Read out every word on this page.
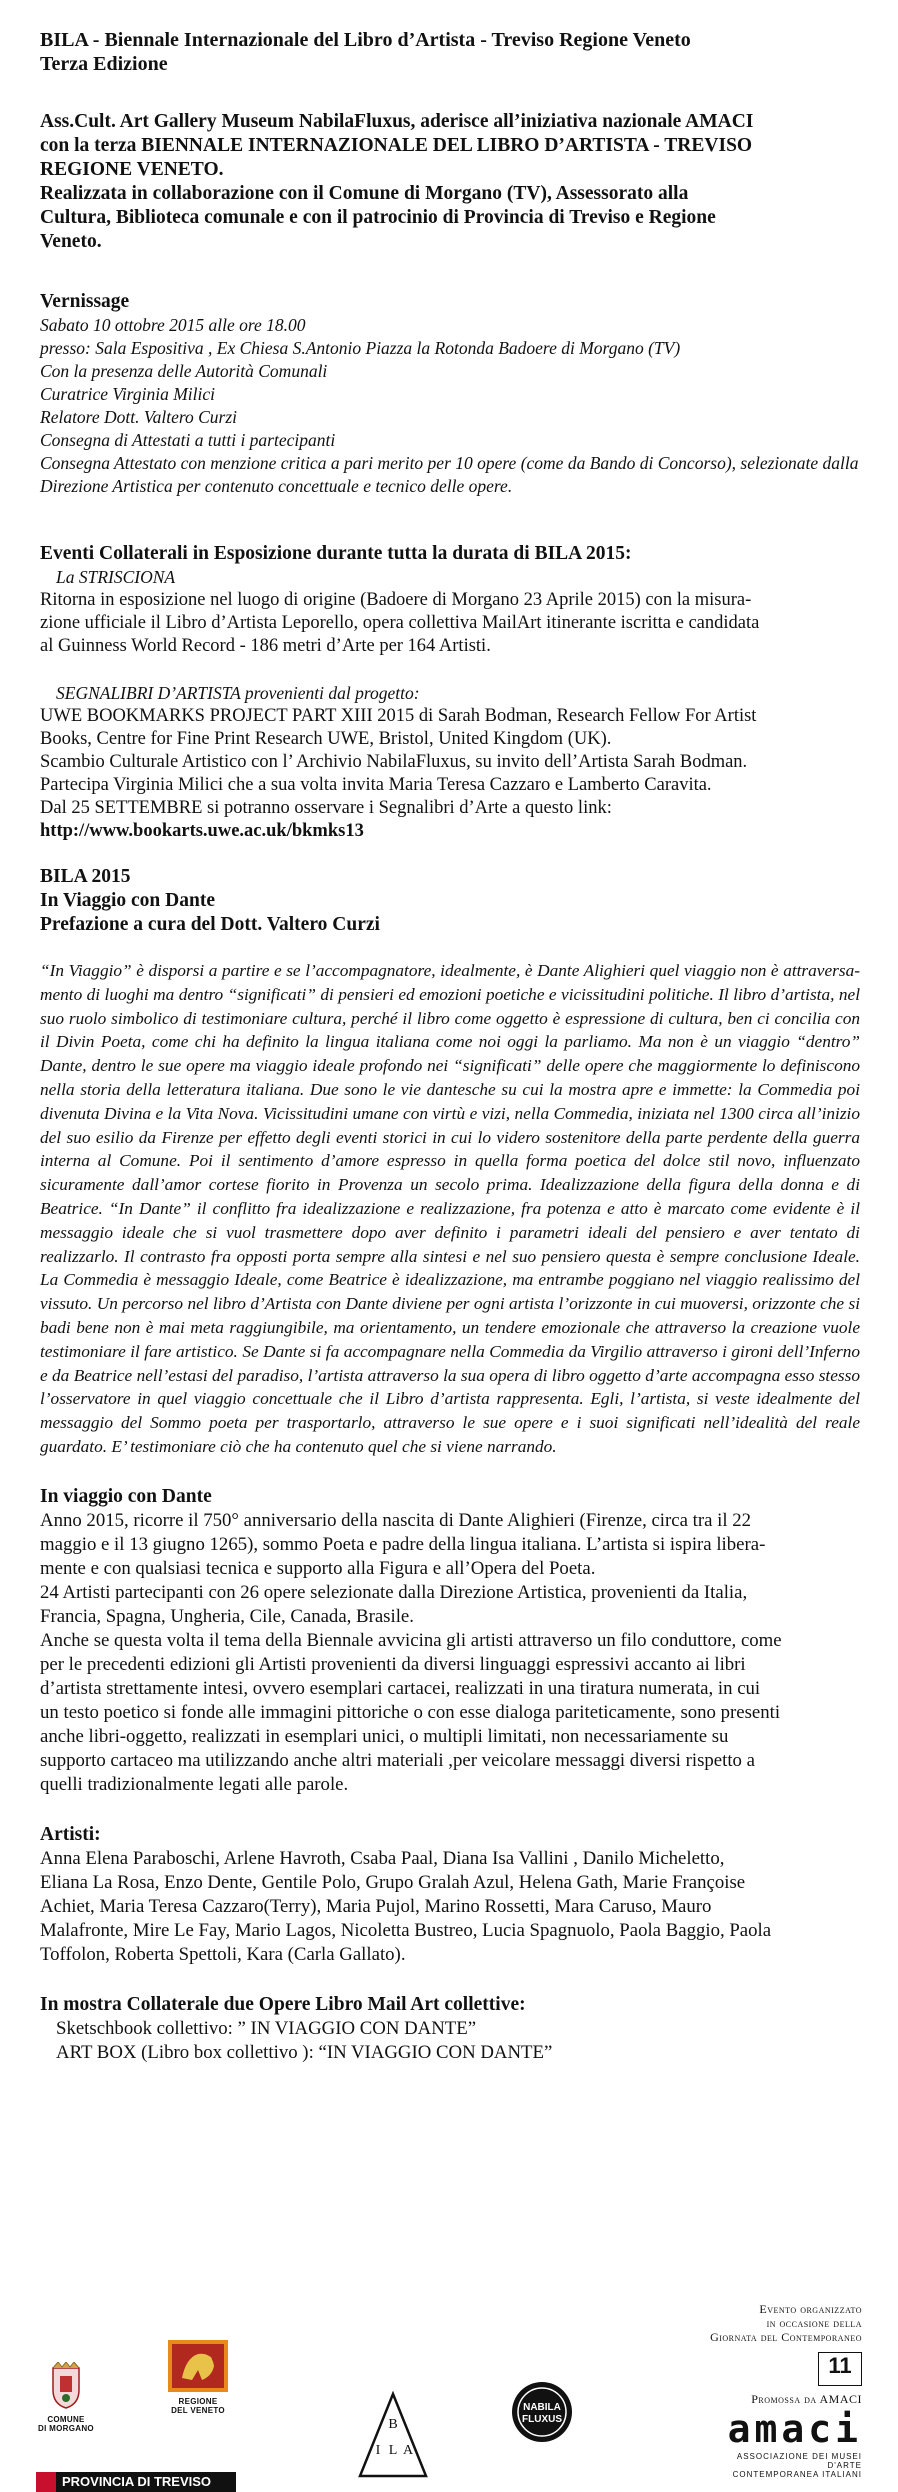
BILA - Biennale Internazionale del Libro d’Artista - Treviso Regione Veneto

Terza Edizione

Ass.Cult. Art Gallery Museum NabilaFluxus, aderisce all’iniziativa nazionale AMACI

con la terza BIENNALE INTERNAZIONALE DEL LIBRO D’ARTISTA - TREVISO

REGIONE VENETO.

Realizzata in collaborazione con il Comune di Morgano (TV), Assessorato alla

Cultura, Biblioteca comunale e con il patrocinio di Provincia di Treviso e Regione

Veneto.

Vernissage

Sabato 10 ottobre 2015 alle ore 18.00

presso: Sala Espositiva , Ex Chiesa S.Antonio Piazza la Rotonda Badoere di Morgano (TV)

Con la presenza delle Autorità Comunali

Curatrice Virginia Milici

Relatore Dott. Valtero Curzi

Consegna di Attestati a tutti i partecipanti

Consegna Attestato con menzione critica a pari merito per 10 opere (come da Bando di Concorso), selezionate dalla

Direzione Artistica per contenuto concettuale e tecnico delle opere.

Eventi Collaterali in Esposizione durante tutta la durata di BILA 2015:

La STRISCIONA

Ritorna in esposizione nel luogo di origine (Badoere di Morgano 23 Aprile 2015) con la misura-

zione ufficiale il Libro d’Artista Leporello, opera collettiva MailArt itinerante iscritta e candidata

al Guinness World Record - 186 metri d’Arte per 164 Artisti.

SEGNALIBRI D’ARTISTA provenienti dal progetto:

UWE BOOKMARKS PROJECT PART XIII 2015 di Sarah Bodman, Research Fellow For Artist

Books, Centre for Fine Print Research UWE, Bristol, United Kingdom (UK).

Scambio Culturale Artistico con l’ Archivio NabilaFluxus, su invito dell’Artista Sarah Bodman.

Partecipa Virginia Milici che a sua volta invita Maria Teresa Cazzaro e Lamberto Caravita.

Dal 25 SETTEMBRE si potranno osservare i Segnalibri d’Arte a questo link:

http://www.bookarts.uwe.ac.uk/bkmks13

BILA 2015

In Viaggio con Dante

Prefazione a cura del Dott. Valtero Curzi

“In Viaggio” è disporsi a partire e se l’accompagnatore, idealmente, è Dante Alighieri quel viaggio non è attraversa-mento di luoghi ma dentro “significati” di pensieri ed emozioni poetiche e vicissitudini politiche. Il libro d’artista, nel suo ruolo simbolico di testimoniare cultura, perché il libro come oggetto è espressione di cultura, ben ci concilia con il Divin Poeta, come chi ha definito la lingua italiana come noi oggi la parliamo. Ma non è un viaggio “dentro” Dante, dentro le sue opere ma viaggio ideale profondo nei “significati” delle opere che maggiormente lo definiscono nella storia della letteratura italiana. Due sono le vie dantesche su cui la mostra apre e immette: la Commedia poi divenuta Divina e la Vita Nova. Vicissitudini umane con virtù e vizi, nella Commedia, iniziata nel 1300 circa all’inizio del suo esilio da Firenze per effetto degli eventi storici in cui lo videro sostenitore della parte perdente della guerra interna al Comune. Poi il sentimento d’amore espresso in quella forma poetica del dolce stil novo, influenzato sicuramente dall’amor cortese fiorito in Provenza un secolo prima. Idealizzazione della figura della donna e di Beatrice. “In Dante” il conflitto fra idealizzazione e realizzazione, fra potenza e atto è marcato come evidente è il messaggio ideale che si vuol trasmettere dopo aver definito i parametri ideali del pensiero e aver tentato di realizzarlo. Il contrasto fra opposti porta sempre alla sintesi e nel suo pensiero questa è sempre conclusione Ideale. La Commedia è messaggio Ideale, come Beatrice è idealizzazione, ma entrambe poggiano nel viaggio realissimo del vissuto. Un percorso nel libro d’Artista con Dante diviene per ogni artista l’orizzonte in cui muoversi, orizzonte che si badi bene non è mai meta raggiungibile, ma orientamento, un tendere emozionale che attraverso la creazione vuole testimoniare il fare artistico. Se Dante si fa accompagnare nella Commedia da Virgilio attraverso i gironi dell’Inferno e da Beatrice nell’estasi del paradiso, l’artista attraverso la sua opera di libro oggetto d’arte accompagna esso stesso l’osservatore in quel viaggio concettuale che il Libro d’artista rappresenta. Egli, l’artista, si veste idealmente del messaggio del Sommo poeta per trasportarlo, attraverso le sue opere e i suoi significati nell’idealità del reale guardato. E’ testimoniare ciò che ha contenuto quel che si viene narrando.

In viaggio con Dante

Anno 2015, ricorre il 750° anniversario della nascita di Dante Alighieri (Firenze, circa tra il 22

maggio e il 13 giugno 1265), sommo Poeta e padre della lingua italiana. L’artista si ispira libera-

mente e con qualsiasi tecnica e supporto alla Figura e all’Opera del Poeta.

24 Artisti partecipanti con 26 opere selezionate dalla Direzione Artistica, provenienti da Italia,

Francia, Spagna, Ungheria, Cile, Canada, Brasile.

Anche se questa volta il tema della Biennale avvicina gli artisti attraverso un filo conduttore, come

per le precedenti edizioni gli Artisti provenienti da diversi linguaggi espressivi accanto ai libri

d’artista strettamente intesi, ovvero esemplari cartacei, realizzati in una tiratura numerata, in cui

un testo poetico si fonde alle immagini pittoriche o con esse dialoga pariteticamente, sono presenti

anche libri-oggetto, realizzati in esemplari unici, o multipli limitati, non necessariamente su

supporto cartaceo ma utilizzando anche altri materiali ,per veicolare messaggi diversi rispetto a

quelli tradizionalmente legati alle parole.

Artisti:

Anna Elena Paraboschi, Arlene Havroth, Csaba Paal, Diana Isa Vallini , Danilo Micheletto,

Eliana La Rosa, Enzo Dente, Gentile Polo, Grupo Gralah Azul, Helena Gath, Marie Françoise

Achiet, Maria Teresa Cazzaro(Terry), Maria Pujol, Marino Rossetti, Mara Caruso, Mauro

Malafronte, Mire Le Fay, Mario Lagos, Nicoletta Bustreo, Lucia Spagnuolo, Paola Baggio, Paola

Toffolon, Roberta Spettoli, Kara (Carla Gallato).

In mostra Collaterale due Opere Libro Mail Art collettive:

Sketschbook collettivo: ” IN VIAGGIO CON DANTE”

ART BOX (Libro box collettivo ): “IN VIAGGIO CON DANTE”

Evento organizzato
in occasione della
Giornata del Contemporaneo
11
Promossa da AMACI
amaci
ASSOCIAZIONE DEI MUSEI D'ARTE
CONTEMPORANEA ITALIANI
COMUNE
DI MORGANO
REGIONE
DEL VENETO
PROVINCIA DI TREVISO
B
I L A
NABILA
FLUXUS
